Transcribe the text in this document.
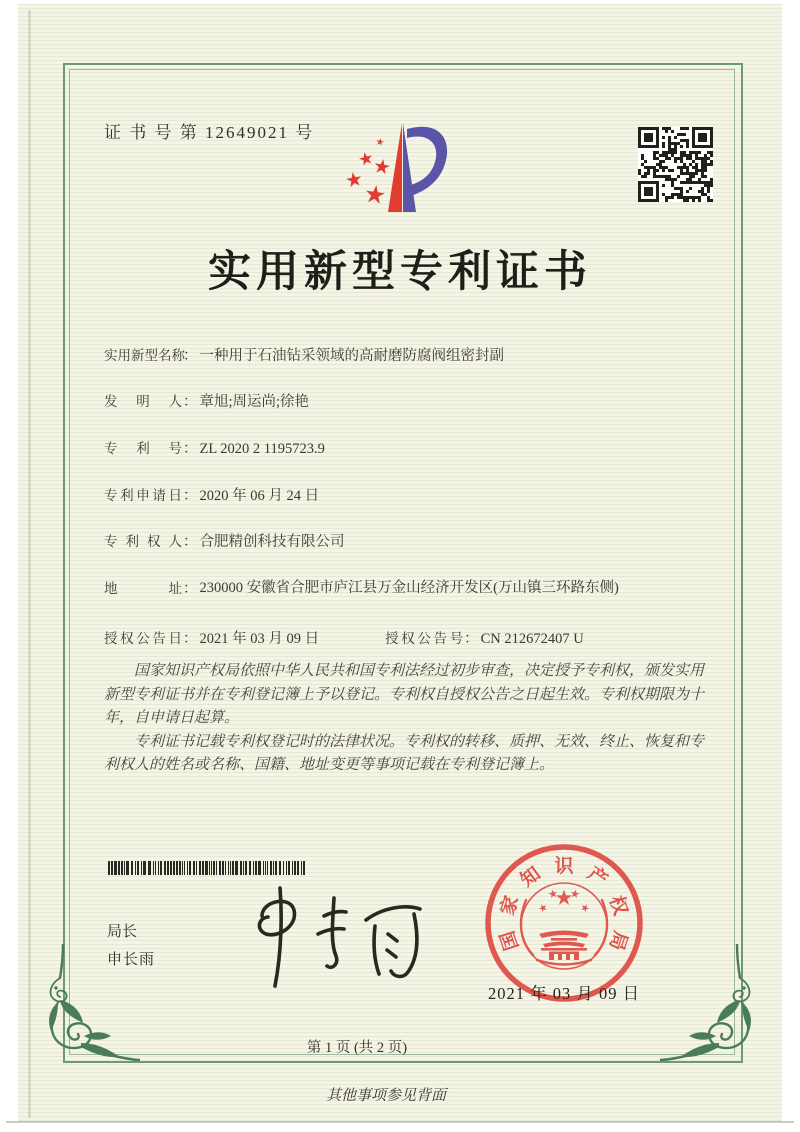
证 书 号 第 12649021 号
实用新型专利证书
实用新型名称： 一种用于石油钻采领域的高耐磨防腐阀组密封副
发明人： 章旭;周运尚;徐艳
专利号： ZL 2020 2 1195723.9
专利申请日： 2020 年 06 月 24 日
专利权人： 合肥精创科技有限公司
地址 ： 230000 安徽省合肥市庐江县万金山经济开发区(万山镇三环路东侧)
授权公告日： 2021 年 03 月 09 日	授权公告号： CN 212672407 U

国家知识产权局依照中华人民共和国专利法经过初步审查，决定授予专利权，颁发实用新型专利证书并在专利登记簿上予以登记。专利权自授权公告之日起生效。专利权期限为十年，自申请日起算。

专利证书记载专利权登记时的法律状况。专利权的转移、质押、无效、终止、恢复和专利权人的姓名或名称、国籍、地址变更等事项记载在专利登记簿上。

局长
申长雨
国
家
知 识 产
权
局
2021 年 03 月 09 日
第 1 页 (共 2 页)
其他事项参见背面
